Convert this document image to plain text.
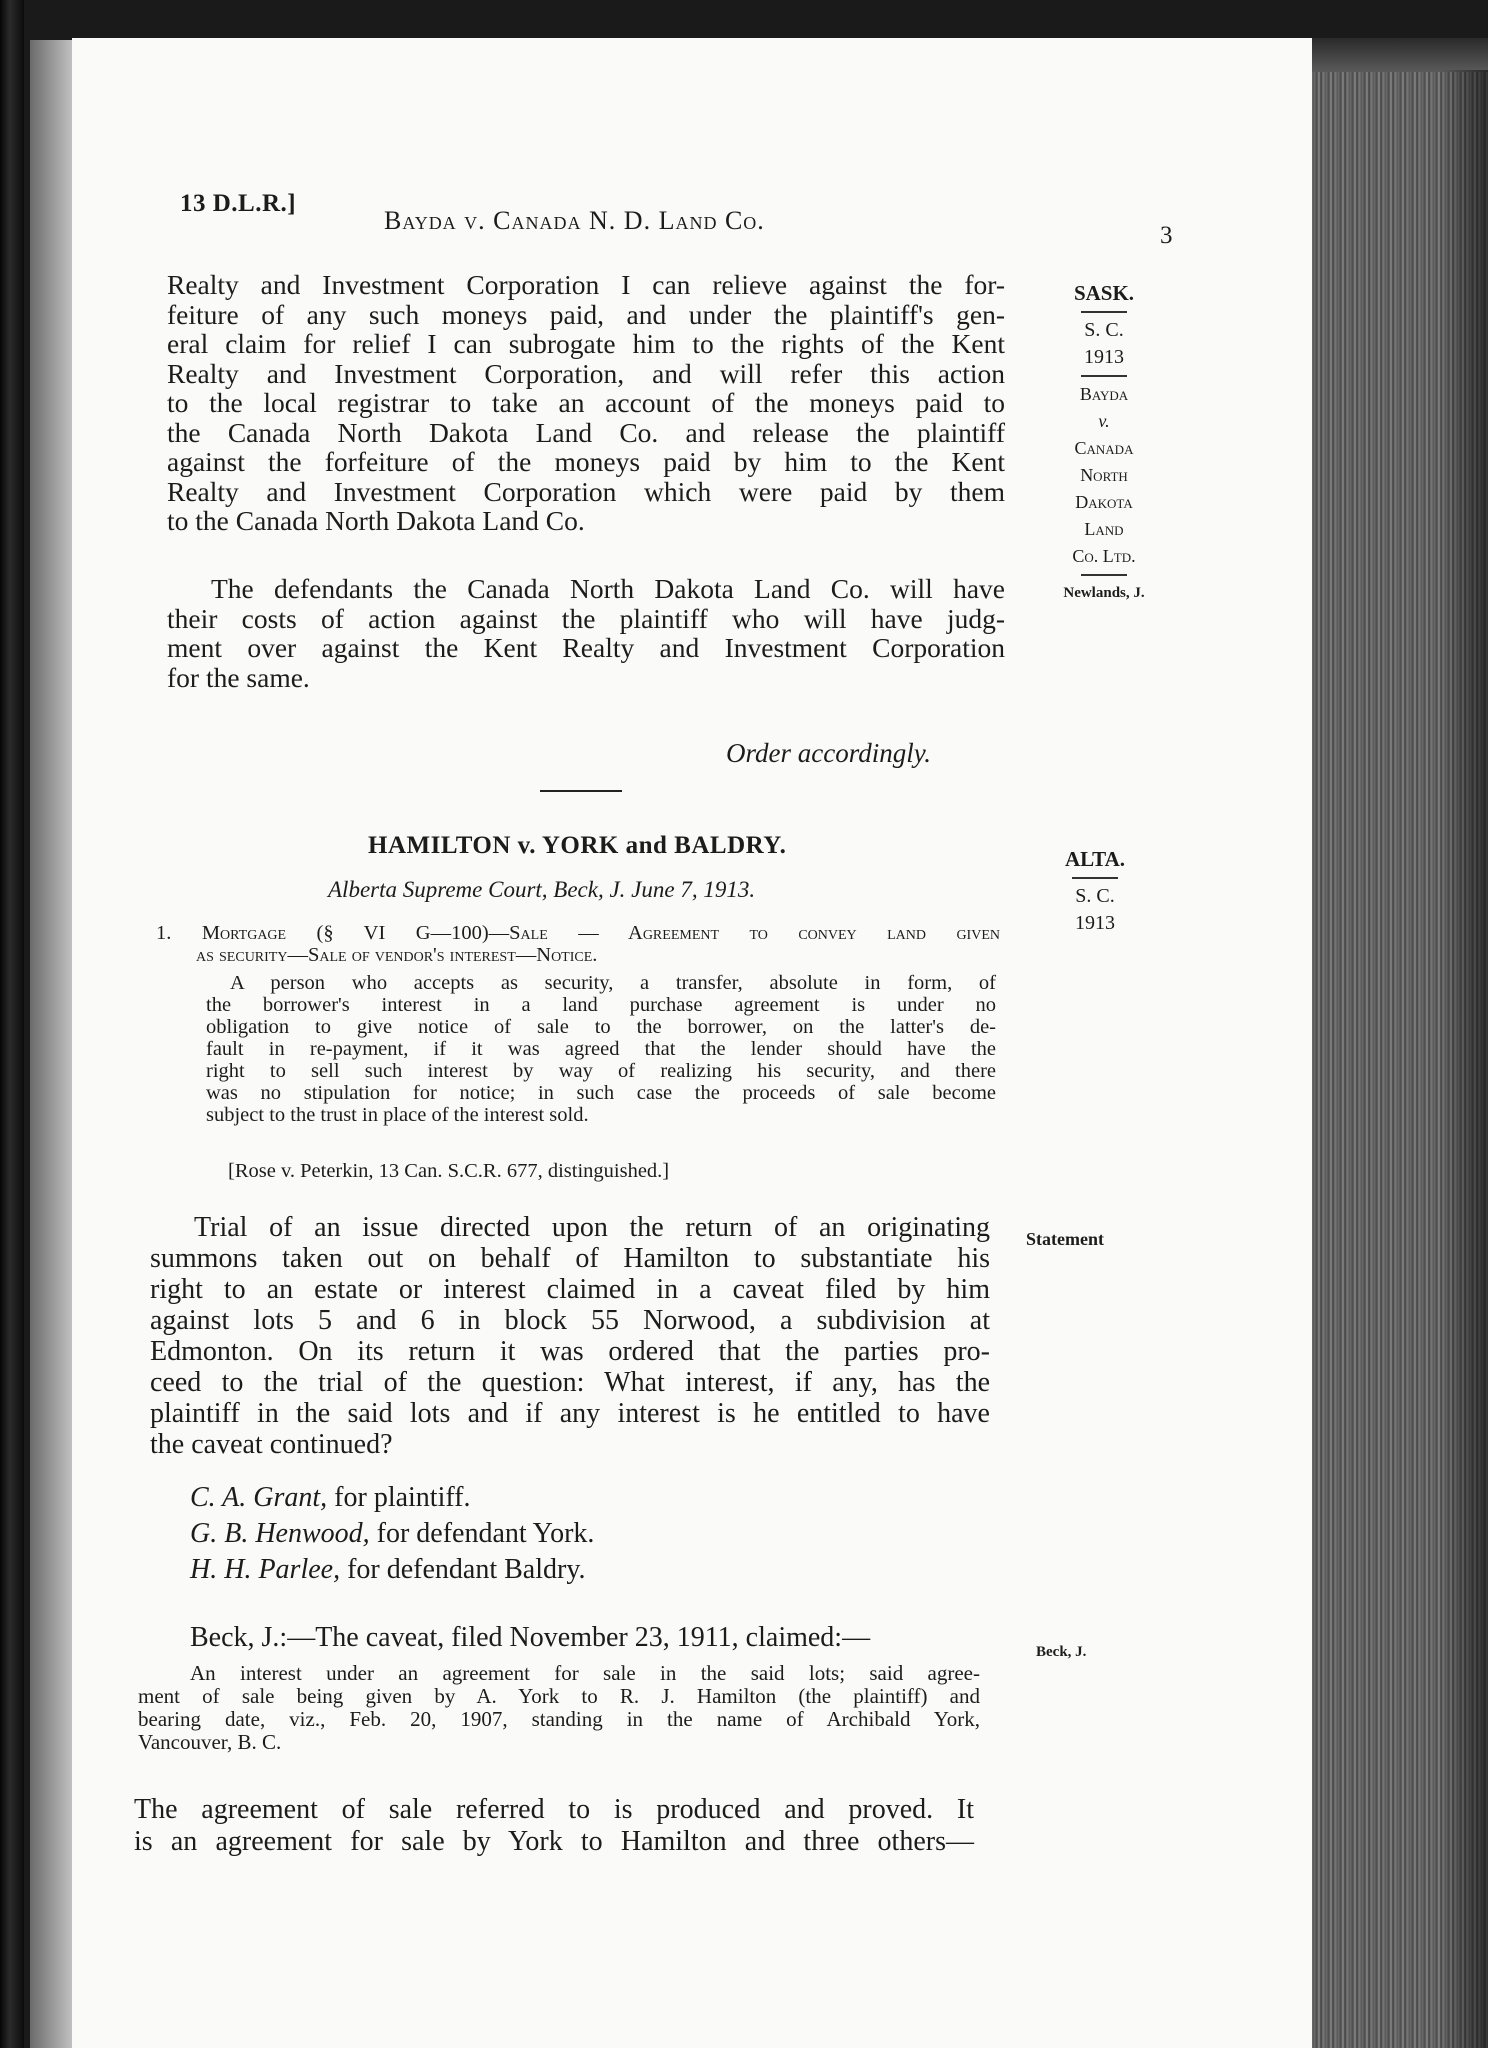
13 D.L.R.]
Bayda v. Canada N. D. Land Co.
3
Realty and Investment Corporation I can relieve against the for-
feiture of any such moneys paid, and under the plaintiff's gen-
eral claim for relief I can subrogate him to the rights of the Kent
Realty and Investment Corporation, and will refer this action
to the local registrar to take an account of the moneys paid to
the Canada North Dakota Land Co. and release the plaintiff
against the forfeiture of the moneys paid by him to the Kent
Realty and Investment Corporation which were paid by them
to the Canada North Dakota Land Co.
The defendants the Canada North Dakota Land Co. will have
their costs of action against the plaintiff who will have judg-
ment over against the Kent Realty and Investment Corporation
for the same.
Order accordingly.
SASK.
S. C.
1913
Bayda
v.
Canada
North
Dakota
Land
Co. Ltd.
Newlands, J.
HAMILTON v. YORK and BALDRY.
Alberta Supreme Court, Beck, J. June 7, 1913.
ALTA.
S. C.
1913
1. Mortgage (§ VI G—100)—Sale — Agreement to convey land given
as security—Sale of vendor's interest—Notice.
A person who accepts as security, a transfer, absolute in form, of
the borrower's interest in a land purchase agreement is under no
obligation to give notice of sale to the borrower, on the latter's de-
fault in re-payment, if it was agreed that the lender should have the
right to sell such interest by way of realizing his security, and there
was no stipulation for notice; in such case the proceeds of sale become
subject to the trust in place of the interest sold.
[Rose v. Peterkin, 13 Can. S.C.R. 677, distinguished.]
Statement
Trial of an issue directed upon the return of an originating
summons taken out on behalf of Hamilton to substantiate his
right to an estate or interest claimed in a caveat filed by him
against lots 5 and 6 in block 55 Norwood, a subdivision at
Edmonton. On its return it was ordered that the parties pro-
ceed to the trial of the question: What interest, if any, has the
plaintiff in the said lots and if any interest is he entitled to have
the caveat continued?
C. A. Grant, for plaintiff.
G. B. Henwood, for defendant York.
H. H. Parlee, for defendant Baldry.
Beck, J.
Beck, J.:—The caveat, filed November 23, 1911, claimed:—
An interest under an agreement for sale in the said lots; said agree-
ment of sale being given by A. York to R. J. Hamilton (the plaintiff) and
bearing date, viz., Feb. 20, 1907, standing in the name of Archibald York,
Vancouver, B. C.
The agreement of sale referred to is produced and proved. It
is an agreement for sale by York to Hamilton and three others—
